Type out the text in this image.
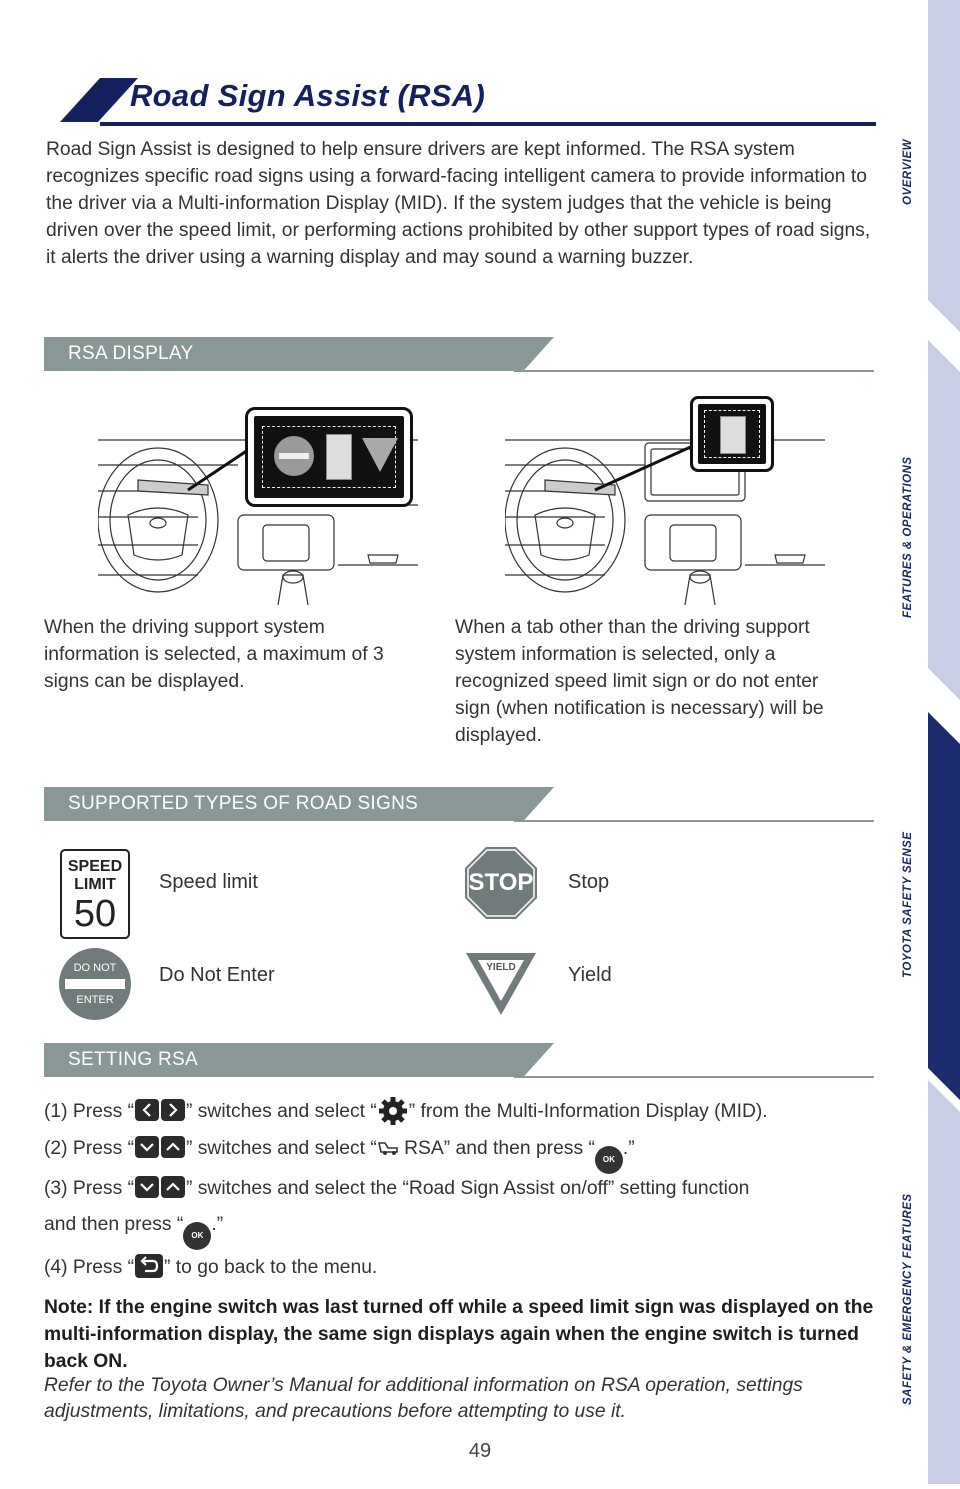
OVERVIEW
FEATURES & OPERATIONS
TOYOTA SAFETY SENSE
SAFETY & EMERGENCY FEATURES
Road Sign Assist (RSA)
Road Sign Assist is designed to help ensure drivers are kept informed. The RSA system recognizes specific road signs using a forward-facing intelligent camera to provide information to the driver via a Multi-information Display (MID). If the system judges that the vehicle is being driven over the speed limit, or performing actions prohibited by other support types of road signs, it alerts the driver using a warning display and may sound a warning buzzer.
RSA DISPLAY
When the driving support system information is selected, a maximum of 3 signs can be displayed.
When a tab other than the driving support system information is selected, only a recognized speed limit sign or do not enter sign (when notification is necessary) will be displayed.
SUPPORTED TYPES OF ROAD SIGNS
SPEED
LIMIT
50
Speed limit	STOP Stop
DO NOT
ENTER
Do Not Enter	YIELD	Yield
SETTING RSA
(1) Press “	” switches and select “ ” from the Multi-Information Display (MID).
(2) Press “	” switches and select “ RSA” and then press “OK.”
(3) Press “	” switches and select the “Road Sign Assist on/off” setting function
and then press “OK.”
(4) Press “ ” to go back to the menu.
Note: If the engine switch was last turned off while a speed limit sign was displayed on the multi-information display, the same sign displays again when the engine switch is turned back ON.
Refer to the Toyota Owner’s Manual for additional information on RSA operation, settings adjustments, limitations, and precautions before attempting to use it.
49
